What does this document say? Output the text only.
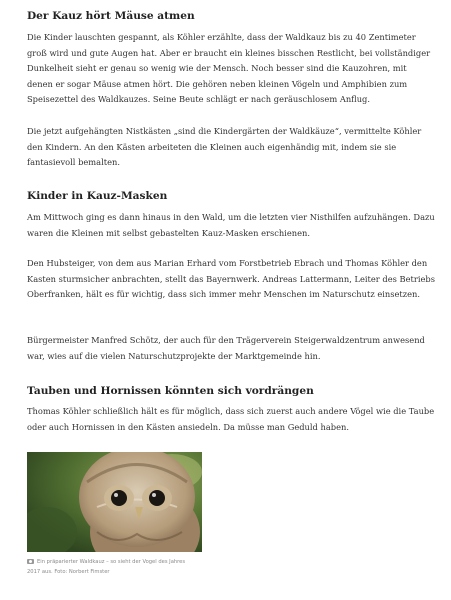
Der Kauz hört Mäuse atmen

Die Kinder lauschten gespannt, als Köhler erzählte, dass der Waldkauz bis zu 40 Zentimeter groß wird und gute Augen hat. Aber er braucht ein kleines bisschen Restlicht, bei vollständiger Dunkelheit sieht er genau so wenig wie der Mensch. Noch besser sind die Kauzohren, mit denen er sogar Mäuse atmen hört. Die gehören neben kleinen Vögeln und Amphibien zum Speisezettel des Waldkauzes. Seine Beute schlägt er nach geräuschlosem Anflug.

Die jetzt aufgehängten Nistkästen „sind die Kindergärten der Waldkäuze“, vermittelte Köhler den Kindern. An den Kästen arbeiteten die Kleinen auch eigenhändig mit, indem sie sie fantasievoll bemalten.

Kinder in Kauz-Masken

Am Mittwoch ging es dann hinaus in den Wald, um die letzten vier Nisthilfen aufzuhängen. Dazu waren die Kleinen mit selbst gebastelten Kauz-Masken erschienen.

Den Hubsteiger, von dem aus Marian Erhard vom Forstbetrieb Ebrach und Thomas Köhler den Kasten sturmsicher anbrachten, stellt das Bayernwerk. Andreas Lattermann, Leiter des Betriebs Oberfranken, hält es für wichtig, dass sich immer mehr Menschen im Naturschutz einsetzen.

Bürgermeister Manfred Schötz, der auch für den Trägerverein Steigerwaldzentrum anwesend war, wies auf die vielen Naturschutzprojekte der Marktgemeinde hin.

Tauben und Hornissen könnten sich vordrängen

Thomas Köhler schließlich hält es für möglich, dass sich zuerst auch andere Vögel wie die Taube oder auch Hornissen in den Kästen ansiedeln. Da müsse man Geduld haben.

Ein präparierter Waldkauz – so sieht der Vogel des Jahres
2017 aus. Foto: Norbert Fimster
